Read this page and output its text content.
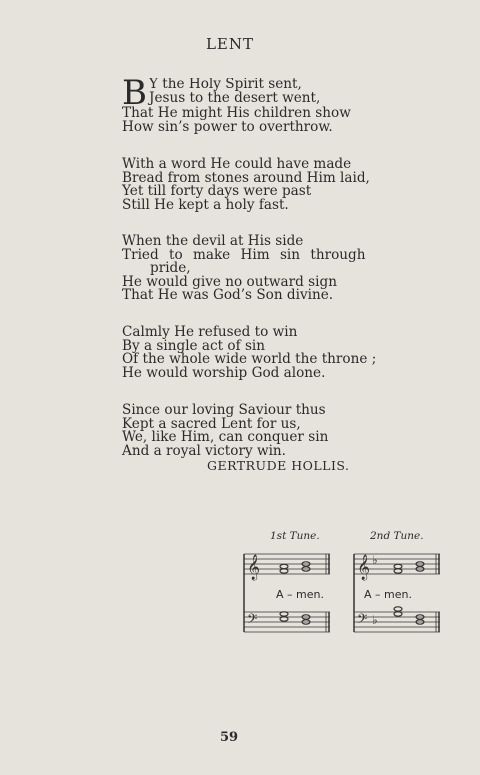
LENT
B Y the Holy Spirit sent,
Jesus to the desert went,
That He might His children show
How sin’s power to overthrow.
With a word He could have made
Bread from stones around Him laid,
Yet till forty days were past
Still He kept a holy fast.
When the devil at His side
Tried to make Him sin through
pride,
He would give no outward sign
That He was God’s Son divine.
Calmly He refused to win
By a single act of sin
Of the whole wide world the throne ;
He would worship God alone.
Since our loving Saviour thus
Kept a sacred Lent for us,
We, like Him, can conquer sin
And a royal victory win.
GERTRUDE HOLLIS.
1st Tune.	2nd Tune.
𝄞
𝄢
A – men.
𝄞 ♭
𝄢 ♭
A – men.
59
